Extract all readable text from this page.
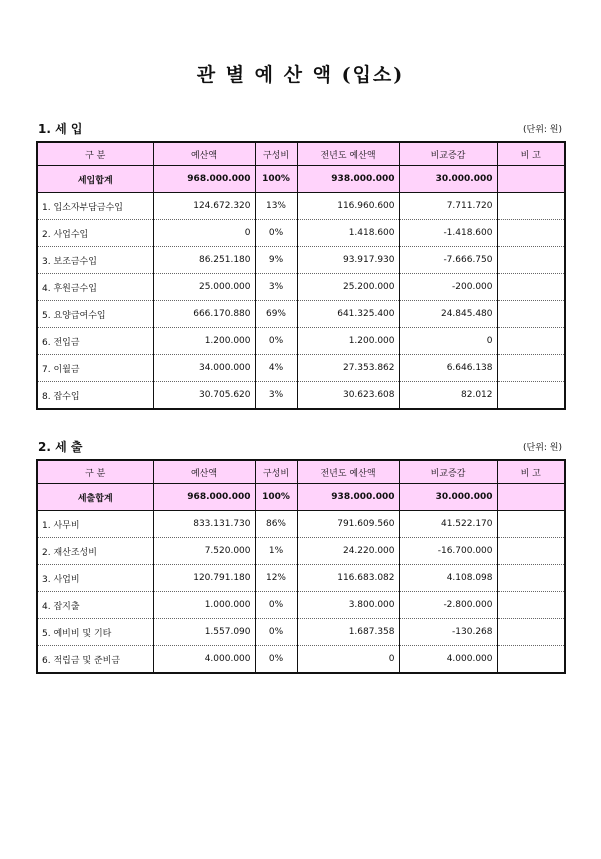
관 별 예 산 액 (입소)
1. 세 입	(단위: 원)
구 분	예산액	구성비	전년도 예산액	비교증감	비 고
세입합계	968.000.000	100%	938.000.000	30.000.000	
1. 입소자부담금수입	124.672.320	13%	116.960.600	7.711.720	
2. 사업수입	0	0%	1.418.600	-1.418.600	
3. 보조금수입	86.251.180	9%	93.917.930	-7.666.750	
4. 후원금수입	25.000.000	3%	25.200.000	-200.000	
5. 요양급여수입	666.170.880	69%	641.325.400	24.845.480	
6. 전입금	1.200.000	0%	1.200.000	0	
7. 이월금	34.000.000	4%	27.353.862	6.646.138	
8. 잡수입	30.705.620	3%	30.623.608	82.012	
2. 세 출	(단위: 원)
구 분	예산액	구성비	전년도 예산액	비교증감	비 고
세출합계	968.000.000	100%	938.000.000	30.000.000	
1. 사무비	833.131.730	86%	791.609.560	41.522.170	
2. 재산조성비	7.520.000	1%	24.220.000	-16.700.000	
3. 사업비	120.791.180	12%	116.683.082	4.108.098	
4. 잡지출	1.000.000	0%	3.800.000	-2.800.000	
5. 예비비 및 기타	1.557.090	0%	1.687.358	-130.268	
6. 적립금 및 준비금	4.000.000	0%	0	4.000.000	
